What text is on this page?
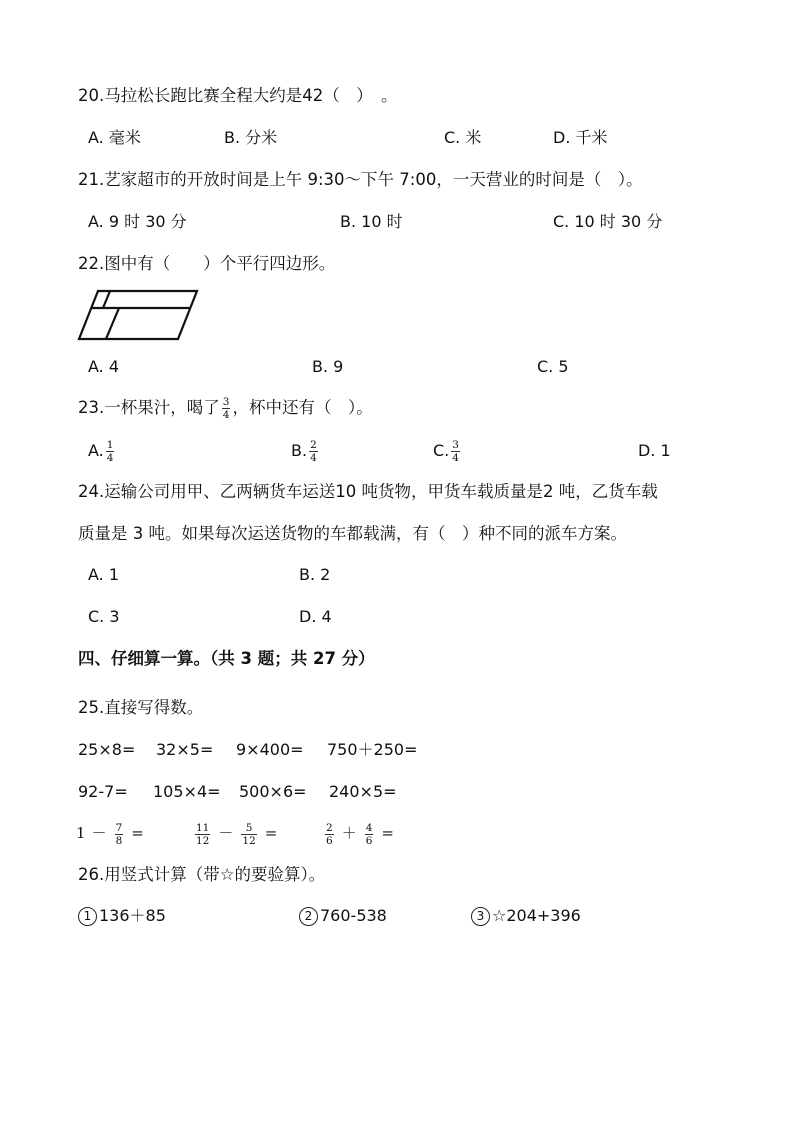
20.马拉松长跑比赛全程大约是42（　）　。
A. 毫米	B. 分米	C. 米	D. 千米
21.艺家超市的开放时间是上午 9:30～下午 7:00，一天营业的时间是（　）。
A. 9 时 30 分	B. 10 时	C. 10 时 30 分
22.图中有（　　）个平行四边形。
A. 4	B. 9	C. 5
23.一杯果汁，喝了 $\frac{3}{4}$ ，杯中还有（　）。
A. $\frac{1}{4}$	B. $\frac{2}{4}$	C. $\frac{3}{4}$	D. 1
24.运输公司用甲、乙两辆货车运送10 吨货物，甲货车载质量是2 吨，乙货车载
质量是 3 吨。如果每次运送货物的车都载满，有（　）种不同的派车方案。
A. 1	B. 2
C. 3	D. 4
四、仔细算一算。（共 3 题；共 27 分）
25.直接写得数。
25×8= 32×5= 9×400= 750＋250=
92-7= 105×4= 500×6= 240×5=
$1 - \frac{7}{8}$ =	$\frac{11}{12} - \frac{5}{12}$ =	$\frac{2}{6} + \frac{4}{6}$ =
26.用竖式计算（带☆的要验算）。
1 136＋85	2 760-538	3 ☆204+396
